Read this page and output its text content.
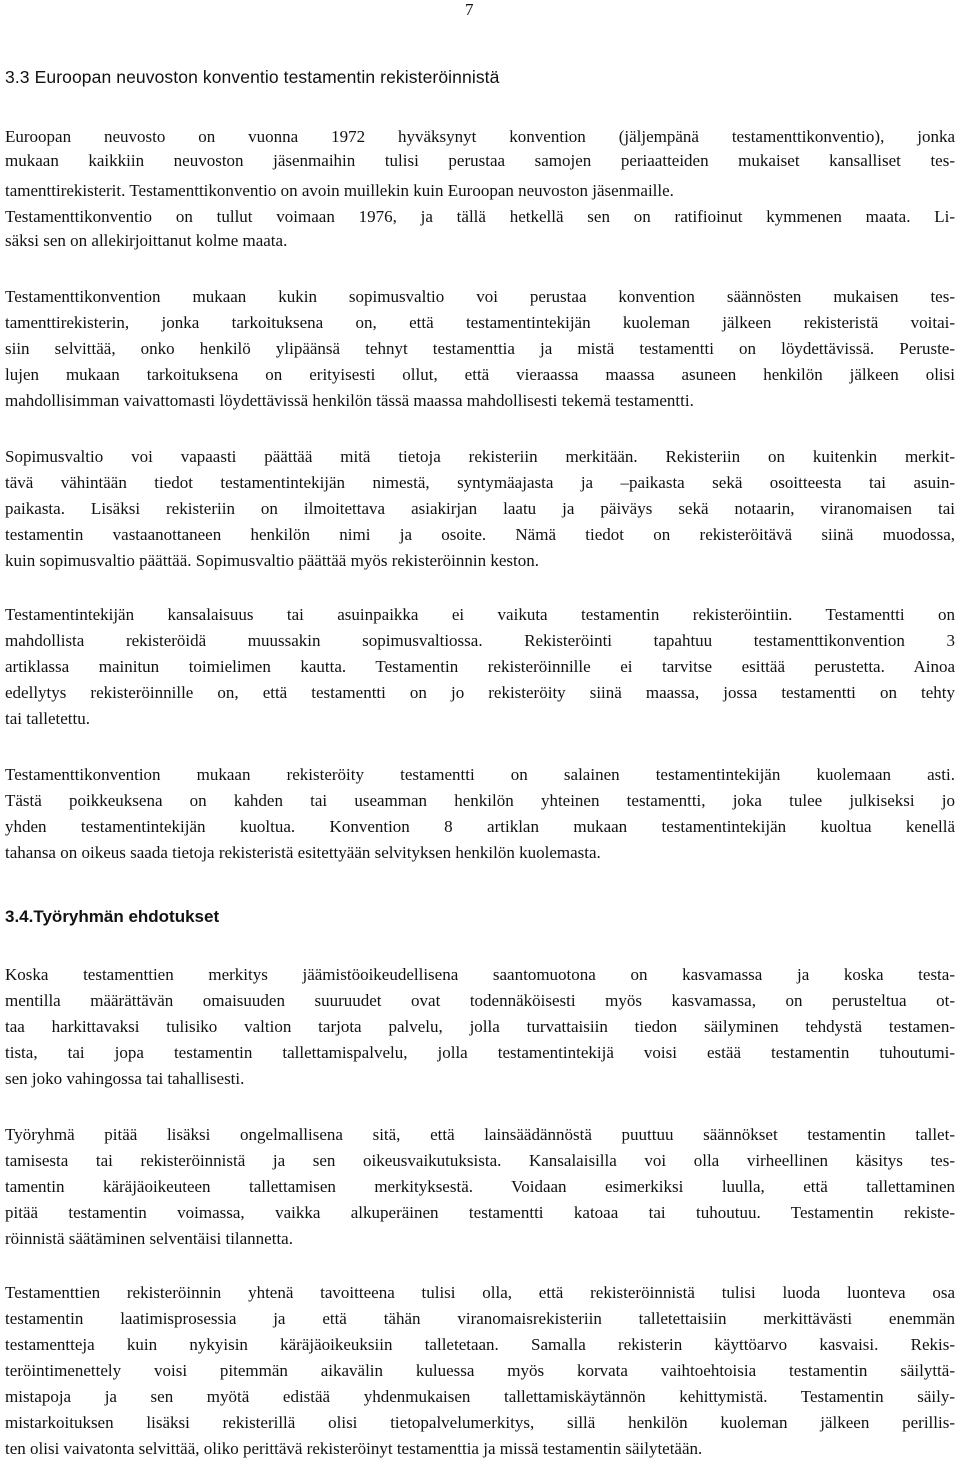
7
3.3 Euroopan neuvoston konventio testamentin rekisteröinnistä
Euroopan neuvosto on vuonna 1972 hyväksynyt konvention (jäljempänä testamenttikonventio), jonka
mukaan kaikkiin neuvoston jäsenmaihin tulisi perustaa samojen periaatteiden mukaiset kansalliset tes-
tamenttirekisterit. Testamenttikonventio on avoin muillekin kuin Euroopan neuvoston jäsenmaille.
Testamenttikonventio on tullut voimaan 1976, ja tällä hetkellä sen on ratifioinut kymmenen maata. Li-
säksi sen on allekirjoittanut kolme maata.
Testamenttikonvention mukaan kukin sopimusvaltio voi perustaa konvention säännösten mukaisen tes-
tamenttirekisterin, jonka tarkoituksena on, että testamentintekijän kuoleman jälkeen rekisteristä voitai-
siin selvittää, onko henkilö ylipäänsä tehnyt testamenttia ja mistä testamentti on löydettävissä. Peruste-
lujen mukaan tarkoituksena on erityisesti ollut, että vieraassa maassa asuneen henkilön jälkeen olisi
mahdollisimman vaivattomasti löydettävissä henkilön tässä maassa mahdollisesti tekemä testamentti.
Sopimusvaltio voi vapaasti päättää mitä tietoja rekisteriin merkitään. Rekisteriin on kuitenkin merkit-
tävä vähintään tiedot testamentintekijän nimestä, syntymäajasta ja –paikasta sekä osoitteesta tai asuin-
paikasta. Lisäksi rekisteriin on ilmoitettava asiakirjan laatu ja päiväys sekä notaarin, viranomaisen tai
testamentin vastaanottaneen henkilön nimi ja osoite. Nämä tiedot on rekisteröitävä siinä muodossa,
kuin sopimusvaltio päättää. Sopimusvaltio päättää myös rekisteröinnin keston.
Testamentintekijän kansalaisuus tai asuinpaikka ei vaikuta testamentin rekisteröintiin. Testamentti on
mahdollista rekisteröidä muussakin sopimusvaltiossa. Rekisteröinti tapahtuu testamenttikonvention 3
artiklassa mainitun toimielimen kautta. Testamentin rekisteröinnille ei tarvitse esittää perustetta. Ainoa
edellytys rekisteröinnille on, että testamentti on jo rekisteröity siinä maassa, jossa testamentti on tehty
tai talletettu.
Testamenttikonvention mukaan rekisteröity testamentti on salainen testamentintekijän kuolemaan asti.
Tästä poikkeuksena on kahden tai useamman henkilön yhteinen testamentti, joka tulee julkiseksi jo
yhden testamentintekijän kuoltua. Konvention 8 artiklan mukaan testamentintekijän kuoltua kenellä
tahansa on oikeus saada tietoja rekisteristä esitettyään selvityksen henkilön kuolemasta.
3.4.Työryhmän ehdotukset
Koska testamenttien merkitys jäämistöoikeudellisena saantomuotona on kasvamassa ja koska testa-
mentilla määrättävän omaisuuden suuruudet ovat todennäköisesti myös kasvamassa, on perusteltua ot-
taa harkittavaksi tulisiko valtion tarjota palvelu, jolla turvattaisiin tiedon säilyminen tehdystä testamen-
tista, tai jopa testamentin tallettamispalvelu, jolla testamentintekijä voisi estää testamentin tuhoutumi-
sen joko vahingossa tai tahallisesti.
Työryhmä pitää lisäksi ongelmallisena sitä, että lainsäädännöstä puuttuu säännökset testamentin tallet-
tamisesta tai rekisteröinnistä ja sen oikeusvaikutuksista. Kansalaisilla voi olla virheellinen käsitys tes-
tamentin käräjäoikeuteen tallettamisen merkityksestä. Voidaan esimerkiksi luulla, että tallettaminen
pitää testamentin voimassa, vaikka alkuperäinen testamentti katoaa tai tuhoutuu. Testamentin rekiste-
röinnistä säätäminen selventäisi tilannetta.
Testamenttien rekisteröinnin yhtenä tavoitteena tulisi olla, että rekisteröinnistä tulisi luoda luonteva osa
testamentin laatimisprosessia ja että tähän viranomaisrekisteriin talletettaisiin merkittävästi enemmän
testamentteja kuin nykyisin käräjäoikeuksiin talletetaan. Samalla rekisterin käyttöarvo kasvaisi. Rekis-
teröintimenettely voisi pitemmän aikavälin kuluessa myös korvata vaihtoehtoisia testamentin säilyttä-
mistapoja ja sen myötä edistää yhdenmukaisen tallettamiskäytännön kehittymistä. Testamentin säily-
mistarkoituksen lisäksi rekisterillä olisi tietopalvelumerkitys, sillä henkilön kuoleman jälkeen perillis-
ten olisi vaivatonta selvittää, oliko perittävä rekisteröinyt testamenttia ja missä testamentin säilytetään.
